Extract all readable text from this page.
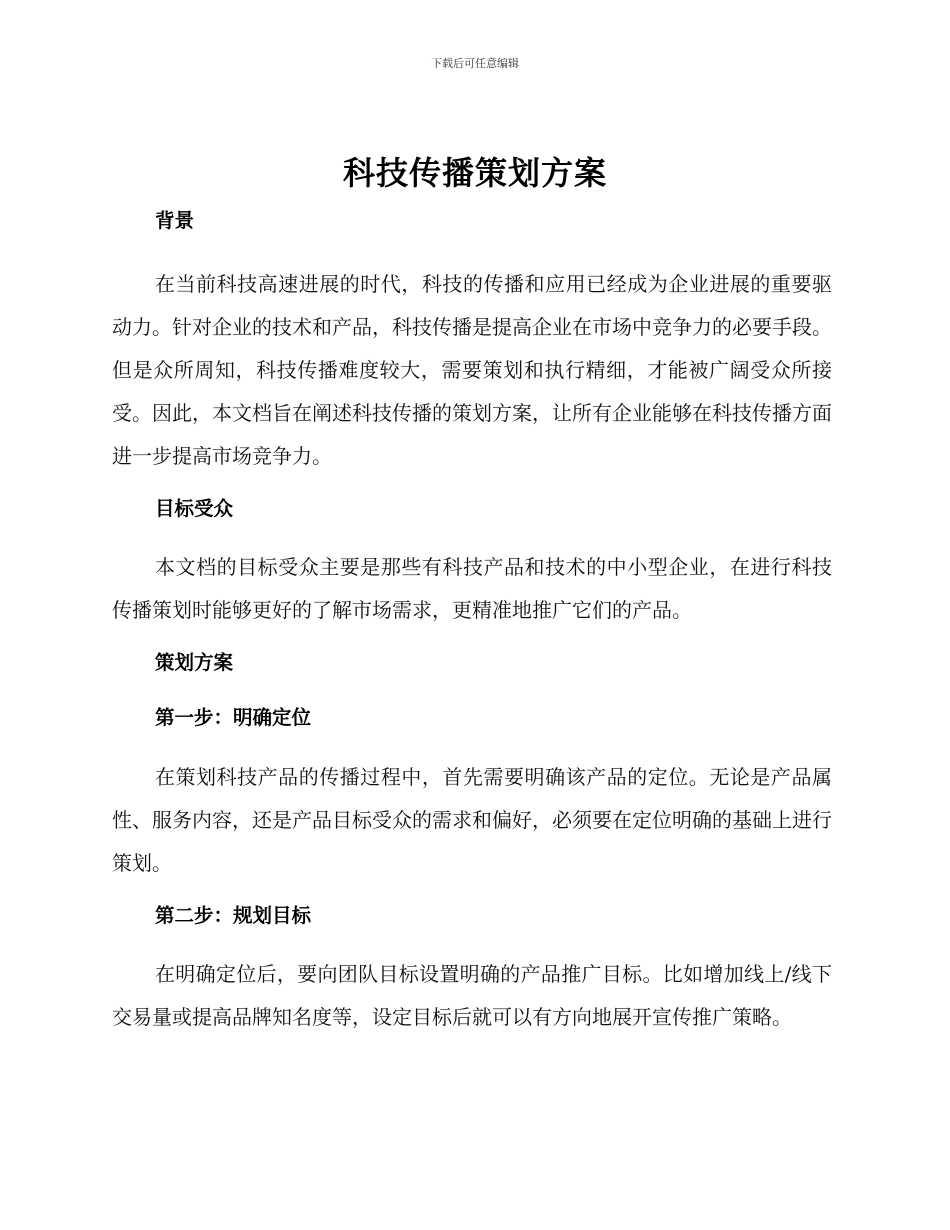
下载后可任意编辑
科技传播策划方案
背景

在当前科技高速进展的时代，科技的传播和应用已经成为企业进展的重要驱动力。针对企业的技术和产品，科技传播是提高企业在市场中竞争力的必要手段。但是众所周知，科技传播难度较大，需要策划和执行精细，才能被广阔受众所接受。因此，本文档旨在阐述科技传播的策划方案，让所有企业能够在科技传播方面进一步提高市场竞争力。

目标受众

本文档的目标受众主要是那些有科技产品和技术的中小型企业，在进行科技传播策划时能够更好的了解市场需求，更精准地推广它们的产品。

策划方案
第一步：明确定位

在策划科技产品的传播过程中，首先需要明确该产品的定位。无论是产品属性、服务内容，还是产品目标受众的需求和偏好，必须要在定位明确的基础上进行策划。

第二步：规划目标

在明确定位后，要向团队目标设置明确的产品推广目标。比如增加线上/线下交易量或提高品牌知名度等，设定目标后就可以有方向地展开宣传推广策略。
